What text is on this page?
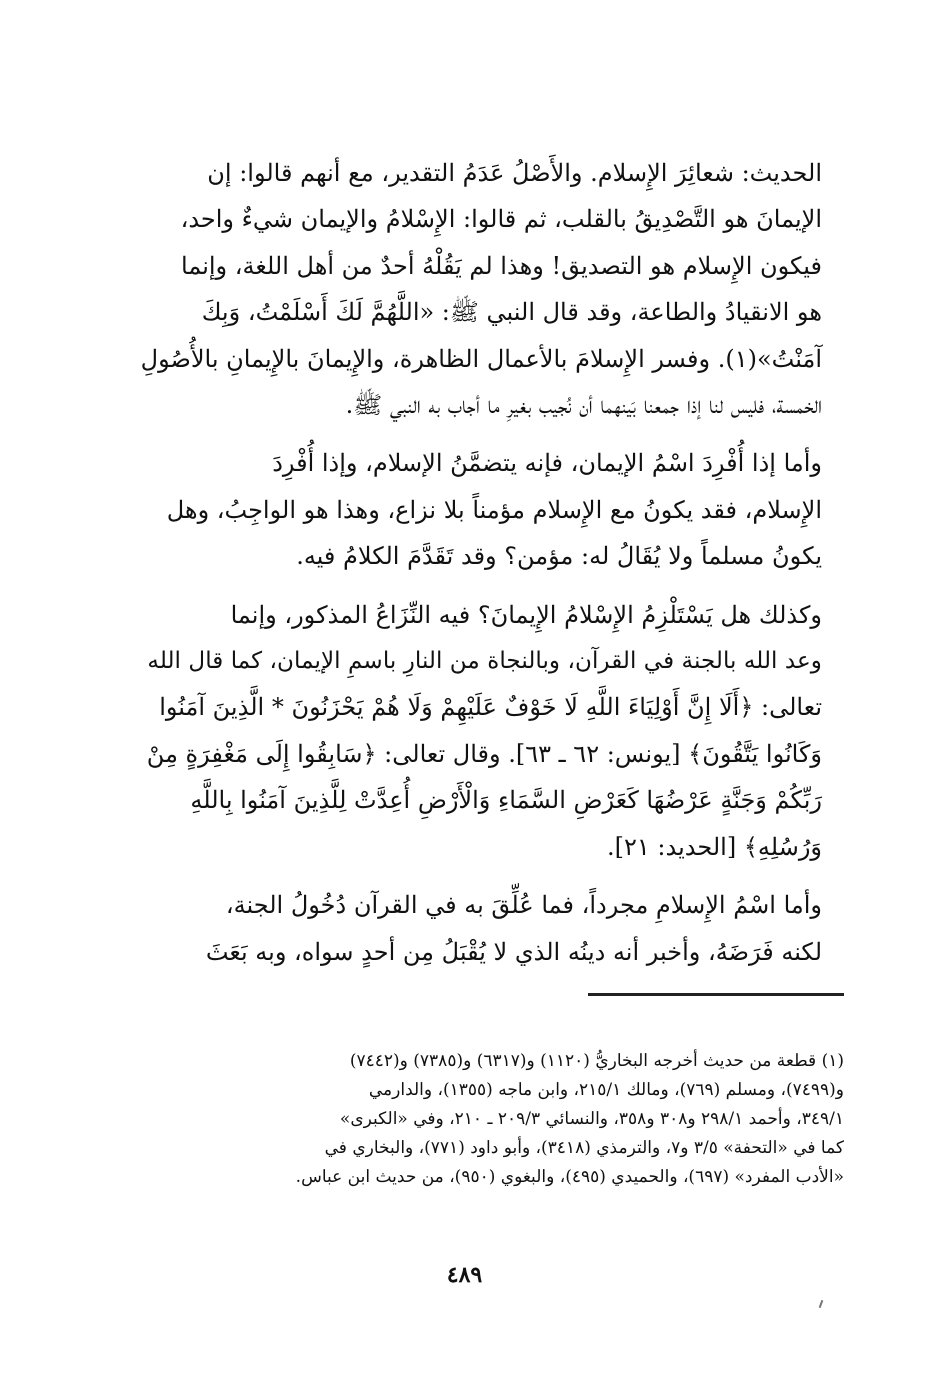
الحديث: شعائِرَ الإِسلام. والأَصْلُ عَدَمُ التقدير، مع أنهم قالوا: إن
الإيمانَ هو التَّصْدِيقُ بالقلب، ثم قالوا: الإِسْلامُ والإيمان شيءٌ واحد،
فيكون الإِسلام هو التصديق! وهذا لم يَقُلْهُ أحدٌ من أهل اللغة، وإنما
هو الانقيادُ والطاعة، وقد قال النبي ﷺ: «اللَّهُمَّ لَكَ أَسْلَمْتُ، وَبِكَ
آمَنْتُ»(١). وفسر الإِسلامَ بالأعمال الظاهرة، والإِيمانَ بالإِيمانِ بالأُصُولِ
الخمسة، فليس لنا إذا جمعنا بَينهما أن نُجيب بغيرِ ما أجاب به النبي ﷺ.

وأما إذا أُفْرِدَ اسْمُ الإيمان، فإنه يتضمَّنُ الإسلام، وإذا أُفْرِدَ
الإِسلام، فقد يكونُ مع الإِسلام مؤمناً بلا نزاع، وهذا هو الواجِبُ، وهل
يكونُ مسلماً ولا يُقَالُ له: مؤمن؟ وقد تَقَدَّمَ الكلامُ فيه.

وكذلك هل يَسْتَلْزِمُ الإِسْلامُ الإِيمانَ؟ فيه النِّزَاعُ المذكور، وإنما
وعد الله بالجنة في القرآن، وبالنجاة من النارِ باسمِ الإيمان، كما قال الله
تعالى: ﴿أَلَا إِنَّ أَوْلِيَاءَ اللَّهِ لَا خَوْفٌ عَلَيْهِمْ وَلَا هُمْ يَحْزَنُونَ * الَّذِينَ آمَنُوا
وَكَانُوا يَتَّقُونَ﴾ [يونس: ٦٢ ـ ٦٣]. وقال تعالى: ﴿سَابِقُوا إِلَى مَغْفِرَةٍ مِنْ
رَبِّكُمْ وَجَنَّةٍ عَرْضُهَا كَعَرْضِ السَّمَاءِ وَالْأَرْضِ أُعِدَّتْ لِلَّذِينَ آمَنُوا بِاللَّهِ
وَرُسُلِهِ﴾ [الحديد: ٢١].

وأما اسْمُ الإِسلامِ مجرداً، فما عُلِّقَ به في القرآن دُخُولُ الجنة،
لكنه فَرَضَهُ، وأخبر أنه دينُه الذي لا يُقْبَلُ مِن أحدٍ سواه، وبه بَعَثَ

(١) قطعة من حديث أخرجه البخاريُّ (١١٢٠) و(٦٣١٧) و(٧٣٨٥) و(٧٤٤٢)
و(٧٤٩٩)، ومسلم (٧٦٩)، ومالك ٢١٥/١، وابن ماجه (١٣٥٥)، والدارمي
٣٤٩/١، وأحمد ٢٩٨/١ و٣٠٨ و٣٥٨، والنسائي ٢٠٩/٣ ـ ٢١٠، وفي «الكبرى»
كما في «التحفة» ٣/٥ و٧، والترمذي (٣٤١٨)، وأبو داود (٧٧١)، والبخاري في
«الأدب المفرد» (٦٩٧)، والحميدي (٤٩٥)، والبغوي (٩٥٠)، من حديث ابن عباس.
٤٨٩
